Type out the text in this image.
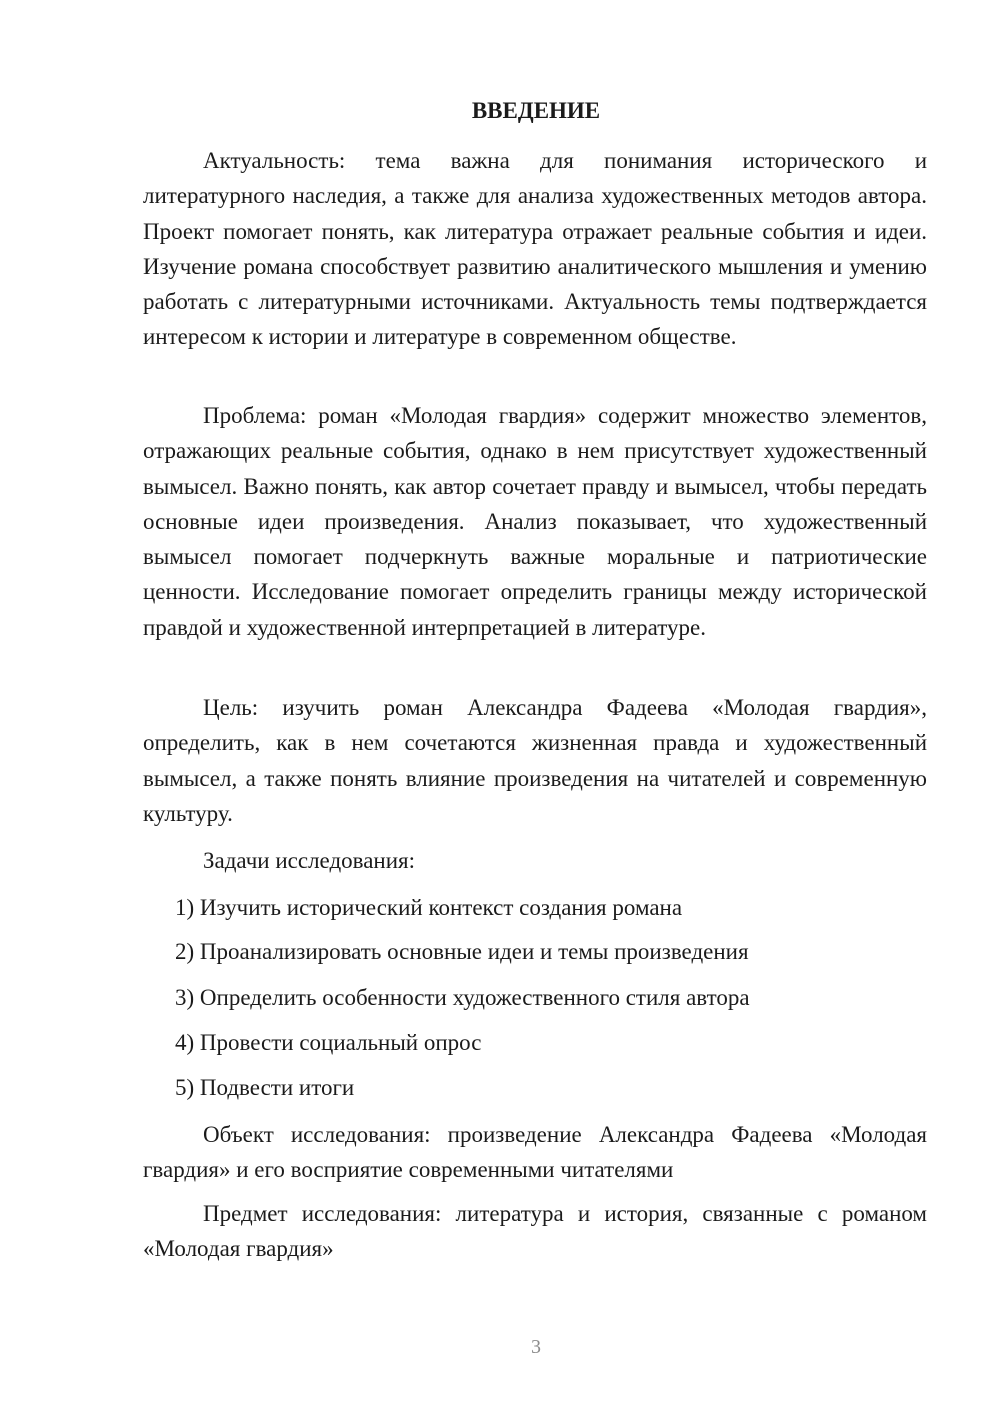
ВВЕДЕНИЕ

Актуальность: тема важна для понимания исторического и литературного наследия, а также для анализа художественных методов автора. Проект помогает понять, как литература отражает реальные события и идеи. Изучение романа способствует развитию аналитического мышления и умению работать с литературными источниками. Актуальность темы подтверждается интересом к истории и литературе в современном обществе.

Проблема: роман «Молодая гвардия» содержит множество элементов, отражающих реальные события, однако в нем присутствует художественный вымысел. Важно понять, как автор сочетает правду и вымысел, чтобы передать основные идеи произведения. Анализ показывает, что художественный вымысел помогает подчеркнуть важные моральные и патриотические ценности. Исследование помогает определить границы между исторической правдой и художественной интерпретацией в литературе.

Цель: изучить роман Александра Фадеева «Молодая гвардия», определить, как в нем сочетаются жизненная правда и художественный вымысел, а также понять влияние произведения на читателей и современную культуру.

Задачи исследования:

1) Изучить исторический контекст создания романа

2) Проанализировать основные идеи и темы произведения

3) Определить особенности художественного стиля автора

4) Провести социальный опрос

5) Подвести итоги

Объект исследования: произведение Александра Фадеева «Молодая гвардия» и его восприятие современными читателями

Предмет исследования: литература и история, связанные с романом «Молодая гвардия»

3
